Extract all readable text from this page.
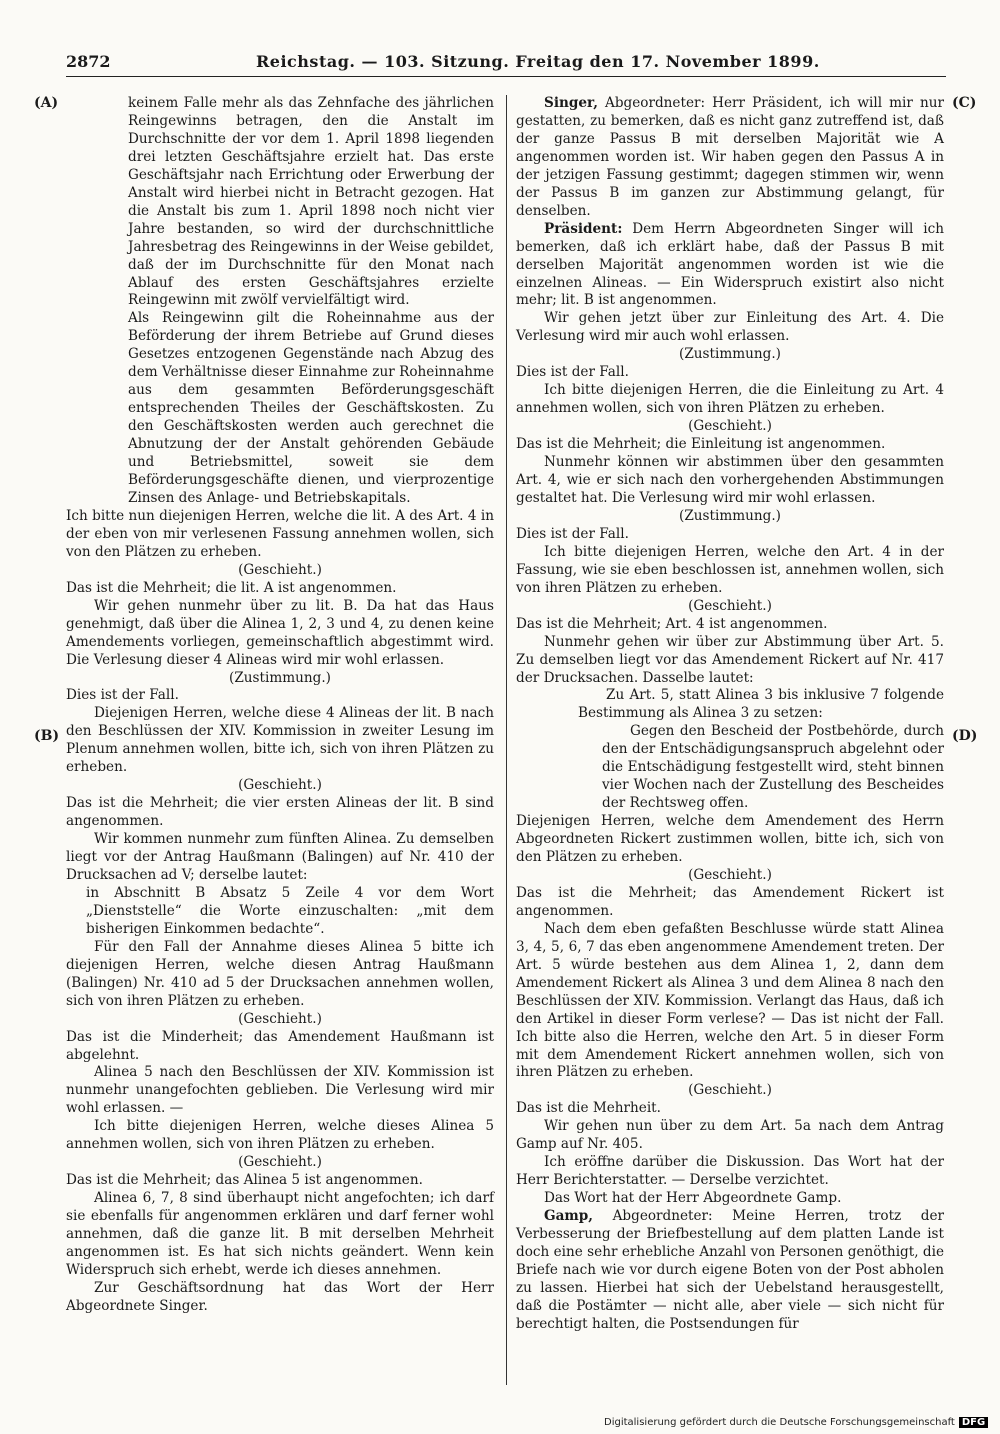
2872	Reichstag. — 103. Sitzung. Freitag den 17. November 1899.
(A)
(B)
(C)
(D)

keinem Falle mehr als das Zehnfache des jährlichen Reingewinns betragen, den die Anstalt im Durchschnitte der vor dem 1. April 1898 liegenden drei letzten Geschäftsjahre erzielt hat. Das erste Geschäftsjahr nach Errichtung oder Erwerbung der Anstalt wird hierbei nicht in Betracht gezogen. Hat die Anstalt bis zum 1. April 1898 noch nicht vier Jahre bestanden, so wird der durchschnittliche Jahresbetrag des Reingewinns in der Weise gebildet, daß der im Durchschnitte für den Monat nach Ablauf des ersten Geschäftsjahres erzielte Reingewinn mit zwölf vervielfältigt wird.

Als Reingewinn gilt die Roheinnahme aus der Beförderung der ihrem Betriebe auf Grund dieses Gesetzes entzogenen Gegenstände nach Abzug des dem Verhältnisse dieser Einnahme zur Roheinnahme aus dem gesammten Beförderungsgeschäft entsprechenden Theiles der Geschäftskosten. Zu den Geschäftskosten werden auch gerechnet die Abnutzung der der Anstalt gehörenden Gebäude und Betriebsmittel, soweit sie dem Beförderungsgeschäfte dienen, und vierprozentige Zinsen des Anlage- und Betriebskapitals.

Ich bitte nun diejenigen Herren, welche die lit. A des Art. 4 in der eben von mir verlesenen Fassung annehmen wollen, sich von den Plätzen zu erheben.

(Geschieht.)

Das ist die Mehrheit; die lit. A ist angenommen.

Wir gehen nunmehr über zu lit. B. Da hat das Haus genehmigt, daß über die Alinea 1, 2, 3 und 4, zu denen keine Amendements vorliegen, gemeinschaftlich abgestimmt wird. Die Verlesung dieser 4 Alineas wird mir wohl erlassen.

(Zustimmung.)

Dies ist der Fall.

Diejenigen Herren, welche diese 4 Alineas der lit. B nach den Beschlüssen der XIV. Kommission in zweiter Lesung im Plenum annehmen wollen, bitte ich, sich von ihren Plätzen zu erheben.

(Geschieht.)

Das ist die Mehrheit; die vier ersten Alineas der lit. B sind angenommen.

Wir kommen nunmehr zum fünften Alinea. Zu demselben liegt vor der Antrag Haußmann (Balingen) auf Nr. 410 der Drucksachen ad V; derselbe lautet:

in Abschnitt B Absatz 5 Zeile 4 vor dem Wort „Dienststelle“ die Worte einzuschalten: „mit dem bisherigen Einkommen bedachte“.

Für den Fall der Annahme dieses Alinea 5 bitte ich diejenigen Herren, welche diesen Antrag Haußmann (Balingen) Nr. 410 ad 5 der Drucksachen annehmen wollen, sich von ihren Plätzen zu erheben.

(Geschieht.)

Das ist die Minderheit; das Amendement Haußmann ist abgelehnt.

Alinea 5 nach den Beschlüssen der XIV. Kommission ist nunmehr unangefochten geblieben. Die Verlesung wird mir wohl erlassen. —

Ich bitte diejenigen Herren, welche dieses Alinea 5 annehmen wollen, sich von ihren Plätzen zu erheben.

(Geschieht.)

Das ist die Mehrheit; das Alinea 5 ist angenommen.

Alinea 6, 7, 8 sind überhaupt nicht angefochten; ich darf sie ebenfalls für angenommen erklären und darf ferner wohl annehmen, daß die ganze lit. B mit derselben Mehrheit angenommen ist. Es hat sich nichts geändert. Wenn kein Widerspruch sich erhebt, werde ich dieses annehmen.

Zur Geschäftsordnung hat das Wort der Herr Abgeordnete Singer.

Singer, Abgeordneter: Herr Präsident, ich will mir nur gestatten, zu bemerken, daß es nicht ganz zutreffend ist, daß der ganze Passus B mit derselben Majorität wie A angenommen worden ist. Wir haben gegen den Passus A in der jetzigen Fassung gestimmt; dagegen stimmen wir, wenn der Passus B im ganzen zur Abstimmung gelangt, für denselben.

Präsident: Dem Herrn Abgeordneten Singer will ich bemerken, daß ich erklärt habe, daß der Passus B mit derselben Majorität angenommen worden ist wie die einzelnen Alineas. — Ein Widerspruch existirt also nicht mehr; lit. B ist angenommen.

Wir gehen jetzt über zur Einleitung des Art. 4. Die Verlesung wird mir auch wohl erlassen.

(Zustimmung.)

Dies ist der Fall.

Ich bitte diejenigen Herren, die die Einleitung zu Art. 4 annehmen wollen, sich von ihren Plätzen zu erheben.

(Geschieht.)

Das ist die Mehrheit; die Einleitung ist angenommen.

Nunmehr können wir abstimmen über den gesammten Art. 4, wie er sich nach den vorhergehenden Abstimmungen gestaltet hat. Die Verlesung wird mir wohl erlassen.

(Zustimmung.)

Dies ist der Fall.

Ich bitte diejenigen Herren, welche den Art. 4 in der Fassung, wie sie eben beschlossen ist, annehmen wollen, sich von ihren Plätzen zu erheben.

(Geschieht.)

Das ist die Mehrheit; Art. 4 ist angenommen.

Nunmehr gehen wir über zur Abstimmung über Art. 5. Zu demselben liegt vor das Amendement Rickert auf Nr. 417 der Drucksachen. Dasselbe lautet:

Zu Art. 5, statt Alinea 3 bis inklusive 7 folgende Bestimmung als Alinea 3 zu setzen:

Gegen den Bescheid der Postbehörde, durch den der Entschädigungsanspruch abgelehnt oder die Entschädigung festgestellt wird, steht binnen vier Wochen nach der Zustellung des Bescheides der Rechtsweg offen.

Diejenigen Herren, welche dem Amendement des Herrn Abgeordneten Rickert zustimmen wollen, bitte ich, sich von den Plätzen zu erheben.

(Geschieht.)

Das ist die Mehrheit; das Amendement Rickert ist angenommen.

Nach dem eben gefaßten Beschlusse würde statt Alinea 3, 4, 5, 6, 7 das eben angenommene Amendement treten. Der Art. 5 würde bestehen aus dem Alinea 1, 2, dann dem Amendement Rickert als Alinea 3 und dem Alinea 8 nach den Beschlüssen der XIV. Kommission. Verlangt das Haus, daß ich den Artikel in dieser Form verlese? — Das ist nicht der Fall. Ich bitte also die Herren, welche den Art. 5 in dieser Form mit dem Amendement Rickert annehmen wollen, sich von ihren Plätzen zu erheben.

(Geschieht.)

Das ist die Mehrheit.

Wir gehen nun über zu dem Art. 5a nach dem Antrag Gamp auf Nr. 405.

Ich eröffne darüber die Diskussion. Das Wort hat der Herr Berichterstatter. — Derselbe verzichtet.

Das Wort hat der Herr Abgeordnete Gamp.

Gamp, Abgeordneter: Meine Herren, trotz der Verbesserung der Briefbestellung auf dem platten Lande ist doch eine sehr erhebliche Anzahl von Personen genöthigt, die Briefe nach wie vor durch eigene Boten von der Post abholen zu lassen. Hierbei hat sich der Uebelstand herausgestellt, daß die Postämter — nicht alle, aber viele — sich nicht für berechtigt halten, die Postsendungen für

Digitalisierung gefördert durch die Deutsche Forschungsgemeinschaft DFG
